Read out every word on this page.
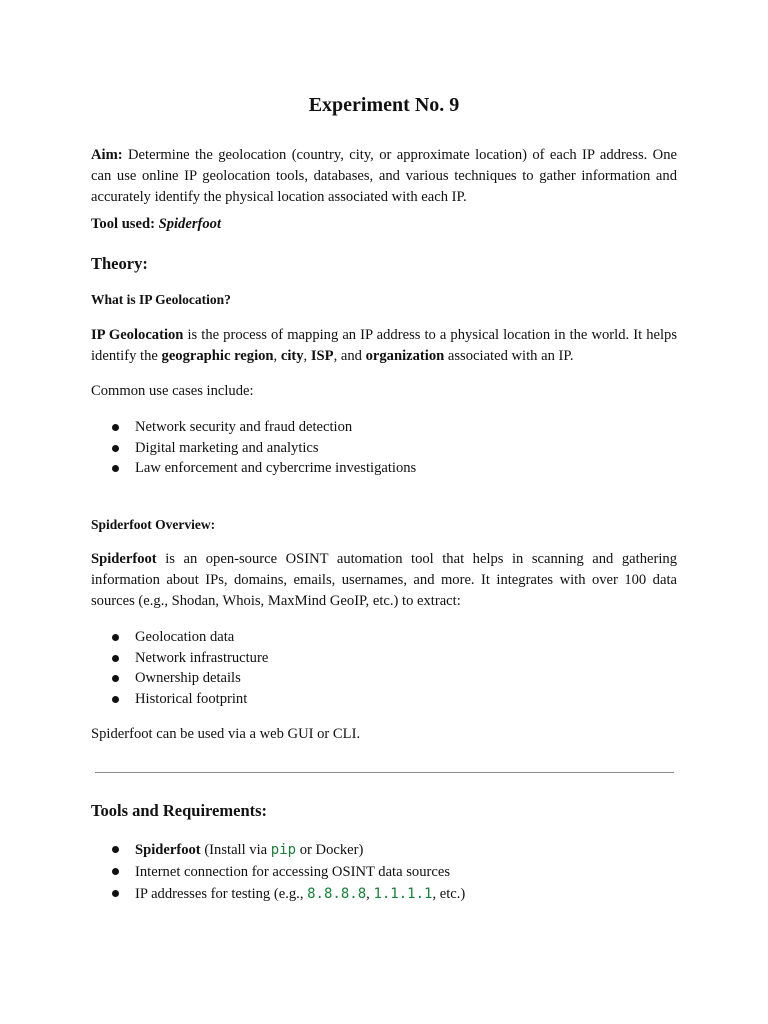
Experiment No. 9

Aim: Determine the geolocation (country, city, or approximate location) of each IP address. One can use online IP geolocation tools, databases, and various techniques to gather information and accurately identify the physical location associated with each IP.

Tool used: Spiderfoot

Theory:
What is IP Geolocation?

IP Geolocation is the process of mapping an IP address to a physical location in the world. It helps identify the geographic region, city, ISP, and organization associated with an IP.

Common use cases include:

Network security and fraud detection
Digital marketing and analytics
Law enforcement and cybercrime investigations
Spiderfoot Overview:

Spiderfoot is an open-source OSINT automation tool that helps in scanning and gathering information about IPs, domains, emails, usernames, and more. It integrates with over 100 data sources (e.g., Shodan, Whois, MaxMind GeoIP, etc.) to extract:

Geolocation data
Network infrastructure
Ownership details
Historical footprint

Spiderfoot can be used via a web GUI or CLI.

Tools and Requirements:
Spiderfoot (Install via pip or Docker)
Internet connection for accessing OSINT data sources
IP addresses for testing (e.g., 8.8.8.8, 1.1.1.1, etc.)
